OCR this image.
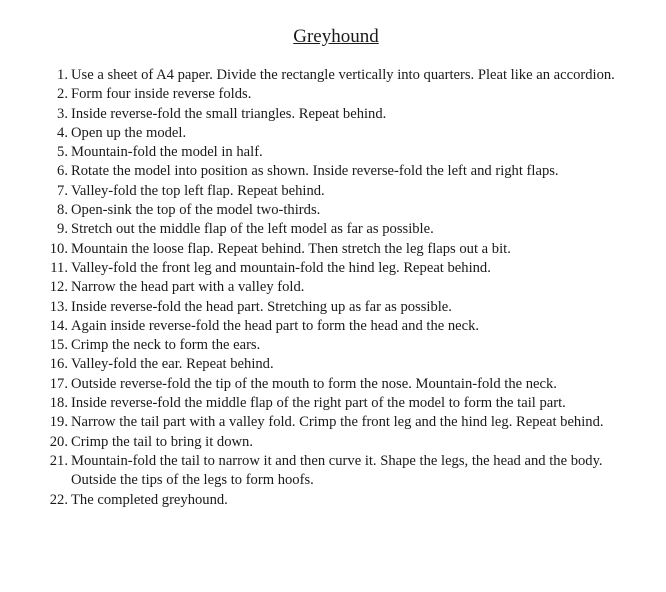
Greyhound
1. Use a sheet of A4 paper. Divide the rectangle vertically into quarters. Pleat like an accordion.
2. Form four inside reverse folds.
3. Inside reverse-fold the small triangles. Repeat behind.
4. Open up the model.
5. Mountain-fold the model in half.
6. Rotate the model into position as shown. Inside reverse-fold the left and right flaps.
7. Valley-fold the top left flap. Repeat behind.
8. Open-sink the top of the model two-thirds.
9. Stretch out the middle flap of the left model as far as possible.
10. Mountain the loose flap. Repeat behind. Then stretch the leg flaps out a bit.
11. Valley-fold the front leg and mountain-fold the hind leg. Repeat behind.
12. Narrow the head part with a valley fold.
13. Inside reverse-fold the head part. Stretching up as far as possible.
14. Again inside reverse-fold the head part to form the head and the neck.
15. Crimp the neck to form the ears.
16. Valley-fold the ear. Repeat behind.
17. Outside reverse-fold the tip of the mouth to form the nose. Mountain-fold the neck.
18. Inside reverse-fold the middle flap of the right part of the model to form the tail part.
19. Narrow the tail part with a valley fold. Crimp the front leg and the hind leg. Repeat behind.
20. Crimp the tail to bring it down.
21. Mountain-fold the tail to narrow it and then curve it. Shape the legs, the head and the body. Outside the tips of the legs to form hoofs.
22. The completed greyhound.
